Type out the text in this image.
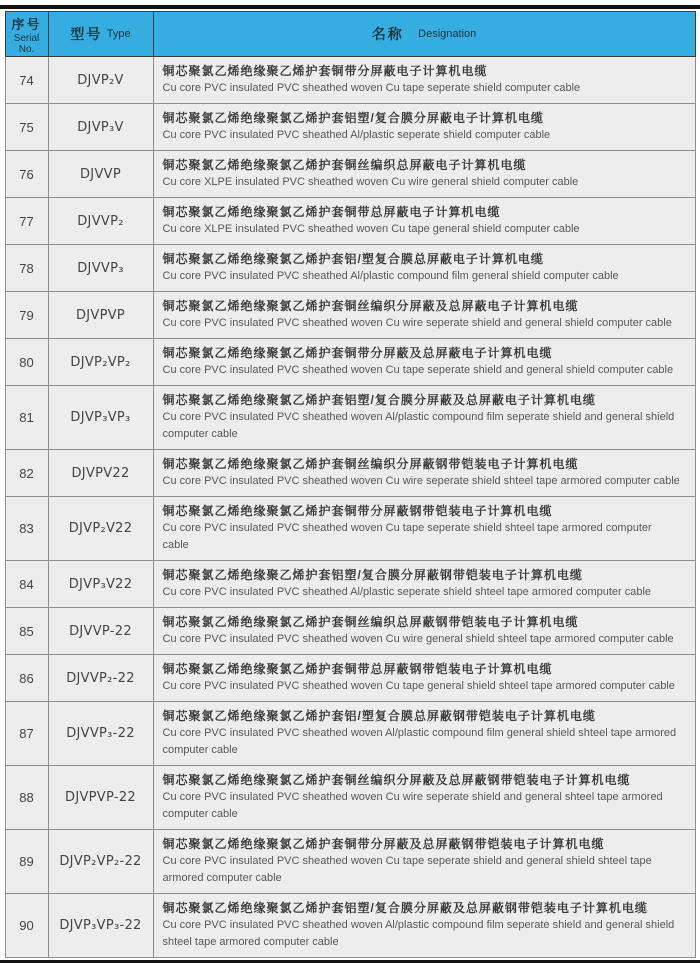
序号
Serial
No.	型号 Type	名称 Designation
74	DJVP₂V	铜芯聚氯乙烯绝缘聚乙烯护套铜带分屏蔽电子计算机电缆
Cu core PVC insulated PVC sheathed woven Cu tape seperate shield computer cable

75	DJVP₃V	铜芯聚氯乙烯绝缘聚氯乙烯护套铝塑/复合膜分屏蔽电子计算机电缆
Cu core PVC insulated PVC sheathed Al/plastic seperate shield computer cable

76	DJVVP	铜芯聚氯乙烯绝缘聚氯乙烯护套铜丝编织总屏蔽电子计算机电缆
Cu core XLPE insulated PVC sheathed woven Cu wire general shield computer cable

77	DJVVP₂	铜芯聚氯乙烯绝缘聚氯乙烯护套铜带总屏蔽电子计算机电缆
Cu core XLPE insulated PVC sheathed woven Cu tape general shield computer cable

78	DJVVP₃	铜芯聚氯乙烯绝缘聚氯乙烯护套铝/塑复合膜总屏蔽电子计算机电缆
Cu core PVC insulated PVC sheathed Al/plastic compound film general shield computer cable

79	DJVPVP	铜芯聚氯乙烯绝缘聚氯乙烯护套铜丝编织分屏蔽及总屏蔽电子计算机电缆
Cu core PVC insulated PVC sheathed woven Cu wire seperate shield and general shield computer cable

80	DJVP₂VP₂	铜芯聚氯乙烯绝缘聚氯乙烯护套铜带分屏蔽及总屏蔽电子计算机电缆
Cu core PVC insulated PVC sheathed woven Cu tape seperate shield and general shield computer cable

81	DJVP₃VP₃	铜芯聚氯乙烯绝缘聚氯乙烯护套铝塑/复合膜分屏蔽及总屏蔽电子计算机电缆
Cu core PVC insulated PVC sheathed woven Al/plastic compound film seperate shield and general shield computer cable

82	DJVPV22	铜芯聚氯乙烯绝缘聚氯乙烯护套铜丝编织分屏蔽钢带铠装电子计算机电缆
Cu core PVC insulated PVC sheathed woven Cu wire seperate shield shteel tape armored computer cable

83	DJVP₂V22	铜芯聚氯乙烯绝缘聚氯乙烯护套铜带分屏蔽钢带铠装电子计算机电缆
Cu core PVC insulated PVC sheathed woven Cu tape seperate shield shteel tape armored computer cable

84	DJVP₃V22	铜芯聚氯乙烯绝缘聚乙烯护套铝塑/复合膜分屏蔽钢带铠装电子计算机电缆
Cu core PVC insulated PVC sheathed Al/plastic seperate shield shteel tape armored computer cable

85	DJVVP-22	铜芯聚氯乙烯绝缘聚氯乙烯护套铜丝编织总屏蔽钢带铠装电子计算机电缆
Cu core PVC insulated PVC sheathed woven Cu wire general shield shteel tape armored computer cable

86	DJVVP₂-22	铜芯聚氯乙烯绝缘聚氯乙烯护套铜带总屏蔽钢带铠装电子计算机电缆
Cu core PVC insulated PVC sheathed woven Cu tape general shield shteel tape armored computer cable

87	DJVVP₃-22	铜芯聚氯乙烯绝缘聚氯乙烯护套铝/塑复合膜总屏蔽钢带铠装电子计算机电缆
Cu core PVC insulated PVC sheathed woven Al/plastic compound film general shield shteel tape armored computer cable

88	DJVPVP-22	铜芯聚氯乙烯绝缘聚氯乙烯护套铜丝编织分屏蔽及总屏蔽钢带铠装电子计算机电缆
Cu core PVC insulated PVC sheathed woven Cu wire seperate shield and general shteel tape armored computer cable

89	DJVP₂VP₂-22	铜芯聚氯乙烯绝缘聚氯乙烯护套铜带分屏蔽及总屏蔽钢带铠装电子计算机电缆
Cu core PVC insulated PVC sheathed woven Cu tape seperate shield and general shield shteel tape armored computer cable

90	DJVP₃VP₃-22	铜芯聚氯乙烯绝缘聚氯乙烯护套铝塑/复合膜分屏蔽及总屏蔽钢带铠装电子计算机电缆
Cu core PVC insulated PVC sheathed woven Al/plastic compound film seperate shield and general shield shteel tape armored computer cable
